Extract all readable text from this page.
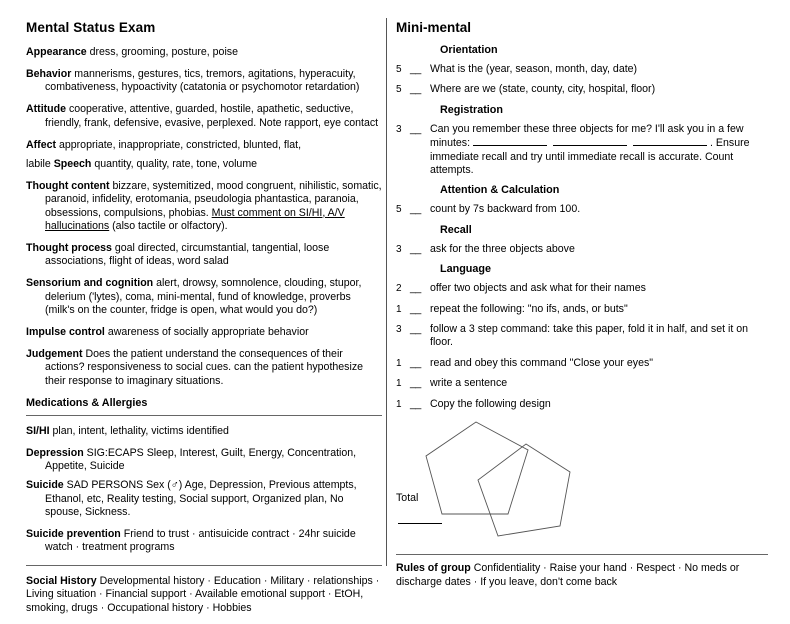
Mental Status Exam
Appearance dress, grooming, posture, poise
Behavior mannerisms, gestures, tics, tremors, agitations, hyperacuity, combativeness, hypoactivity (catatonia or psychomotor retardation)
Attitude cooperative, attentive, guarded, hostile, apathetic, seductive, friendly, frank, defensive, evasive, perplexed. Note rapport, eye contact
Affect appropriate, inappropriate, constricted, blunted, flat,
labile Speech quantity, quality, rate, tone, volume
Thought content bizzare, systemitized, mood congruent, nihilistic, somatic, paranoid, infidelity, erotomania, pseudologia phantastica, paranoia, obsessions, compulsions, phobias. Must comment on SI/HI, A/V hallucinations (also tactile or olfactory).
Thought process goal directed, circumstantial, tangential, loose associations, flight of ideas, word salad
Sensorium and cognition alert, drowsy, somnolence, clouding, stupor, delerium ('lytes), coma, mini-mental, fund of knowledge, proverbs (milk's on the counter, fridge is open, what would you do?)
Impulse control awareness of socially appropriate behavior
Judgement Does the patient understand the consequences of their actions? responsiveness to social cues. can the patient hypothesize their response to imaginary situations.
Medications & Allergies
SI/HI plan, intent, lethality, victims identified
Depression SIG:ECAPS Sleep, Interest, Guilt, Energy, Concentration, Appetite, Suicide
Suicide SAD PERSONS Sex (♂) Age, Depression, Previous attempts, Ethanol, etc, Reality testing, Social support, Organized plan, No spouse, Sickness.
Suicide prevention Friend to trust · antisuicide contract · 24hr suicide watch · treatment programs
Social History Developmental history · Education · Military · relationships · Living situation · Financial support · Available emotional support · EtOH, smoking, drugs · Occupational history · Hobbies
Mini-mental
Orientation
5 __ What is the (year, season, month, day, date)
5 __ Where are we (state, county, city, hospital, floor)
Registration
3 __ Can you remember these three objects for me? I'll ask you in a few minutes:	. Ensure immediate recall and try until immediate recall is accurate. Count attempts.
Attention & Calculation
5 __ count by 7s backward from 100.
Recall
3 __ ask for the three objects above
Language
2 __ offer two objects and ask what for their names
1 __ repeat the following: "no ifs, ands, or buts"
3 __ follow a 3 step command: take this paper, fold it in half, and set it on floor.
1 __ read and obey this command "Close your eyes"
1 __ write a sentence
1 __ Copy the following design
Total
Rules of group Confidentiality · Raise your hand · Respect · No meds or discharge dates · If you leave, don't come back
